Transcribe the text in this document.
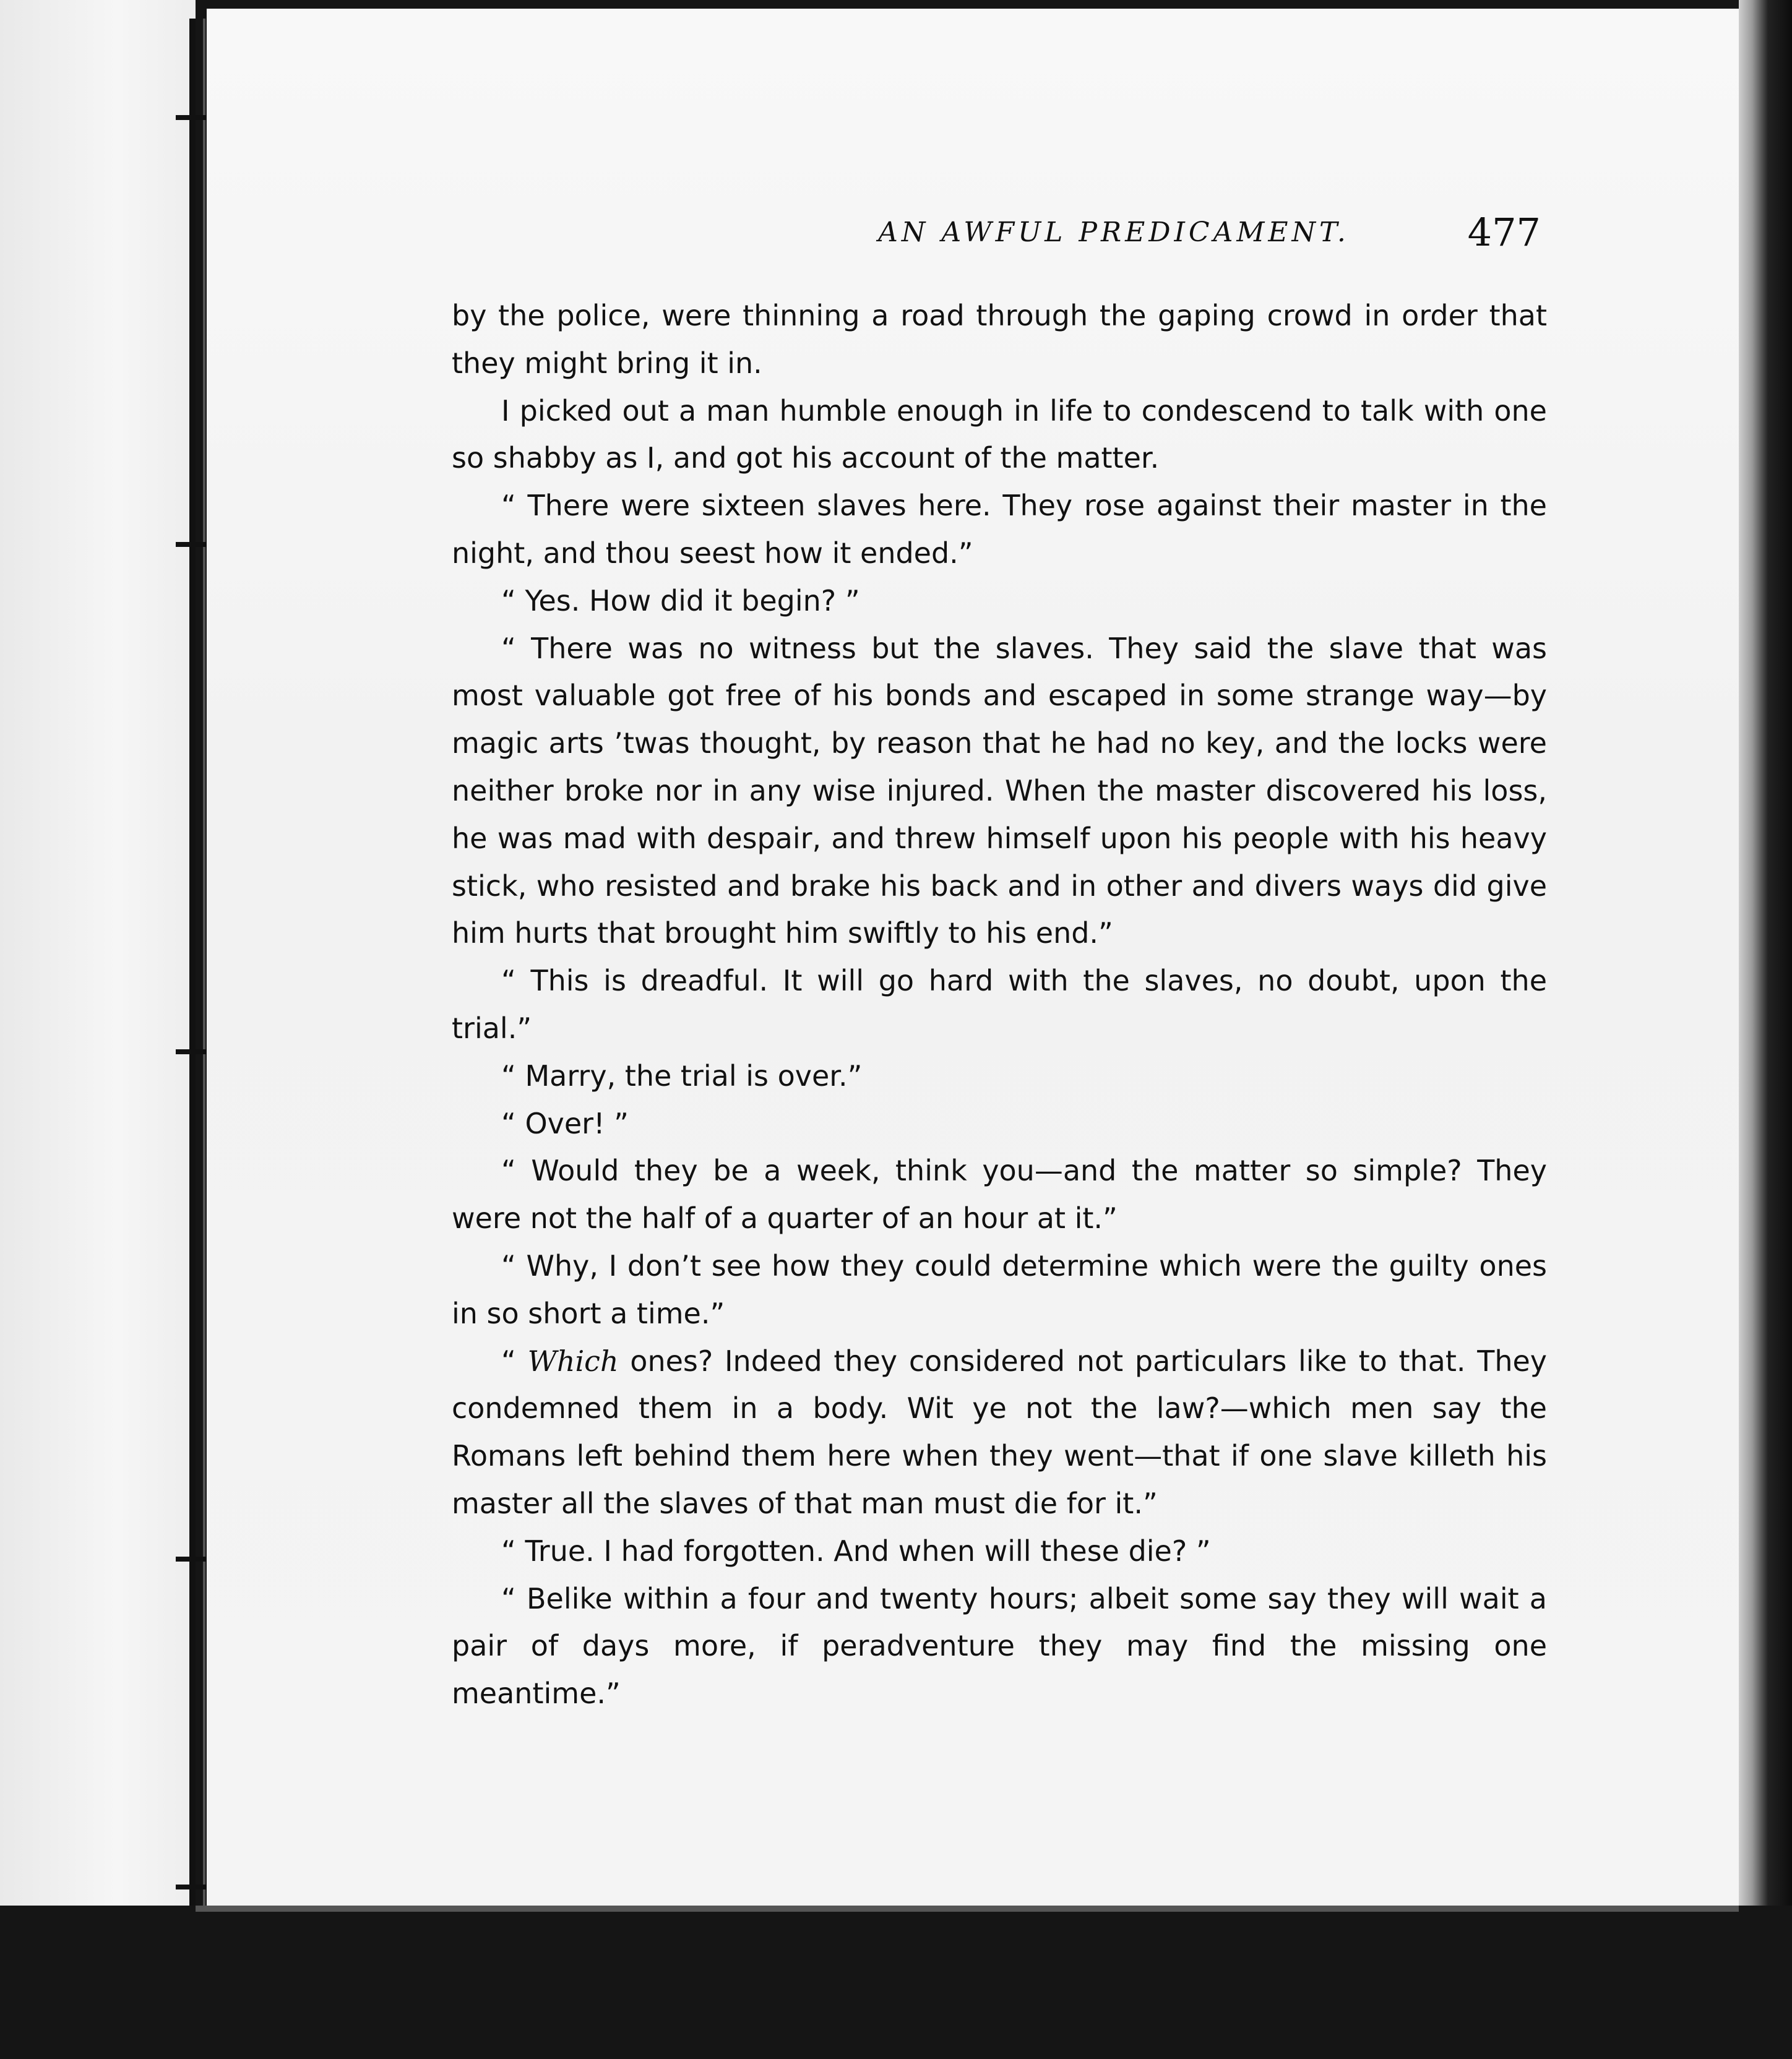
AN AWFUL PREDICAMENT.	477

by the police, were thinning a road through the gaping crowd in order that they might bring it in.

I picked out a man humble enough in life to condescend to talk with one so shabby as I, and got his account of the matter.

“ There were sixteen slaves here. They rose against their master in the night, and thou seest how it ended.”

“ Yes. How did it begin? ”

“ There was no witness but the slaves. They said the slave that was most valuable got free of his bonds and escaped in some strange way—by magic arts ’twas thought, by reason that he had no key, and the locks were neither broke nor in any wise injured. When the master discovered his loss, he was mad with despair, and threw himself upon his people with his heavy stick, who resisted and brake his back and in other and divers ways did give him hurts that brought him swiftly to his end.”

“ This is dreadful. It will go hard with the slaves, no doubt, upon the trial.”

“ Marry, the trial is over.”

“ Over! ”

“ Would they be a week, think you—and the matter so simple? They were not the half of a quarter of an hour at it.”

“ Why, I don’t see how they could determine which were the guilty ones in so short a time.”

“ Which ones? Indeed they considered not particulars like to that. They condemned them in a body. Wit ye not the law?—which men say the Romans left behind them here when they went—that if one slave killeth his master all the slaves of that man must die for it.”

“ True. I had forgotten. And when will these die? ”

“ Belike within a four and twenty hours; albeit some say they will wait a pair of days more, if peradventure they may find the missing one meantime.”
